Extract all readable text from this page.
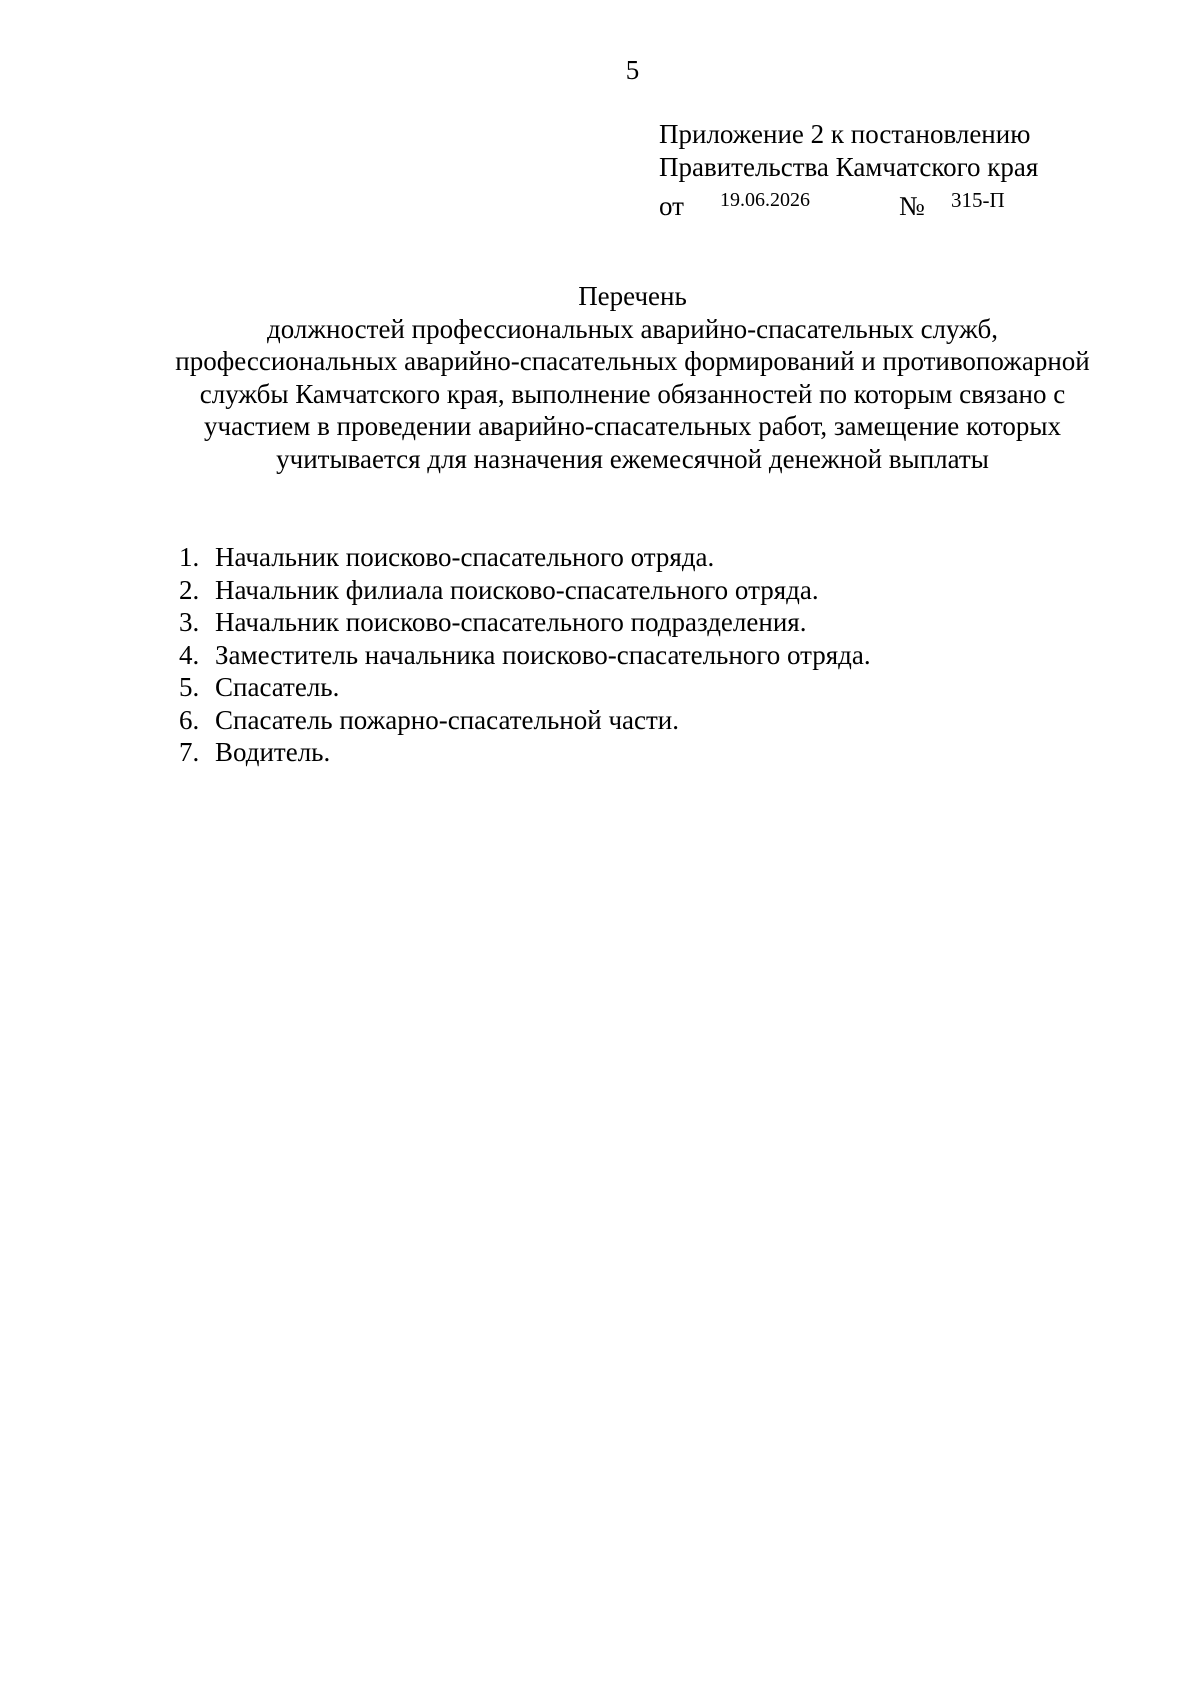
5
Приложение 2 к постановлению
Правительства Камчатского края
от 19.06.2026	№ 315-П
Перечень
должностей профессиональных аварийно-спасательных служб,
профессиональных аварийно-спасательных формирований и противопожарной
службы Камчатского края, выполнение обязанностей по которым связано с
участием в проведении аварийно-спасательных работ, замещение которых
учитывается для назначения ежемесячной денежной выплаты
1. Начальник поисково-спасательного отряда.
2. Начальник филиала поисково-спасательного отряда.
3. Начальник поисково-спасательного подразделения.
4. Заместитель начальника поисково-спасательного отряда.
5. Спасатель.
6. Спасатель пожарно-спасательной части.
7. Водитель.
